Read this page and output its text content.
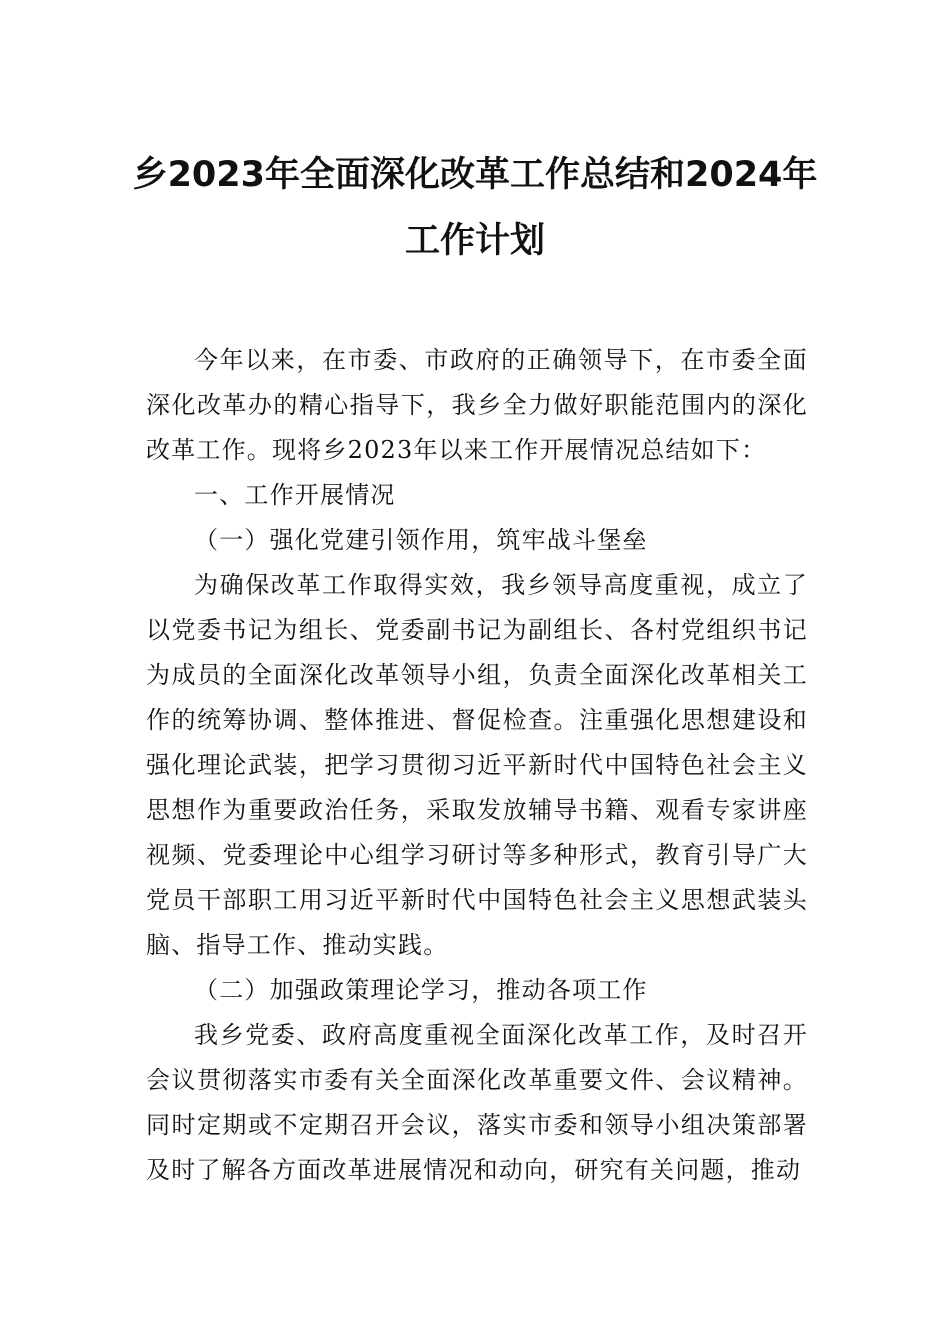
乡2023年全面深化改革工作总结和2024年
工作计划

今年以来，在市委、市政府的正确领导下，在市委全面深化改革办的精心指导下，我乡全力做好职能范围内的深化改革工作。现将乡2023年以来工作开展情况总结如下：

一、工作开展情况

（一）强化党建引领作用，筑牢战斗堡垒

为确保改革工作取得实效，我乡领导高度重视，成立了以党委书记为组长、党委副书记为副组长、各村党组织书记为成员的全面深化改革领导小组，负责全面深化改革相关工作的统筹协调、整体推进、督促检查。注重强化思想建设和强化理论武装，把学习贯彻习近平新时代中国特色社会主义思想作为重要政治任务，采取发放辅导书籍、观看专家讲座视频、党委理论中心组学习研讨等多种形式，教育引导广大党员干部职工用习近平新时代中国特色社会主义思想武装头脑、指导工作、推动实践。

（二）加强政策理论学习，推动各项工作

我乡党委、政府高度重视全面深化改革工作，及时召开会议贯彻落实市委有关全面深化改革重要文件、会议精神。同时定期或不定期召开会议，落实市委和领导小组决策部署及时了解各方面改革进展情况和动向，研究有关问题，推动
